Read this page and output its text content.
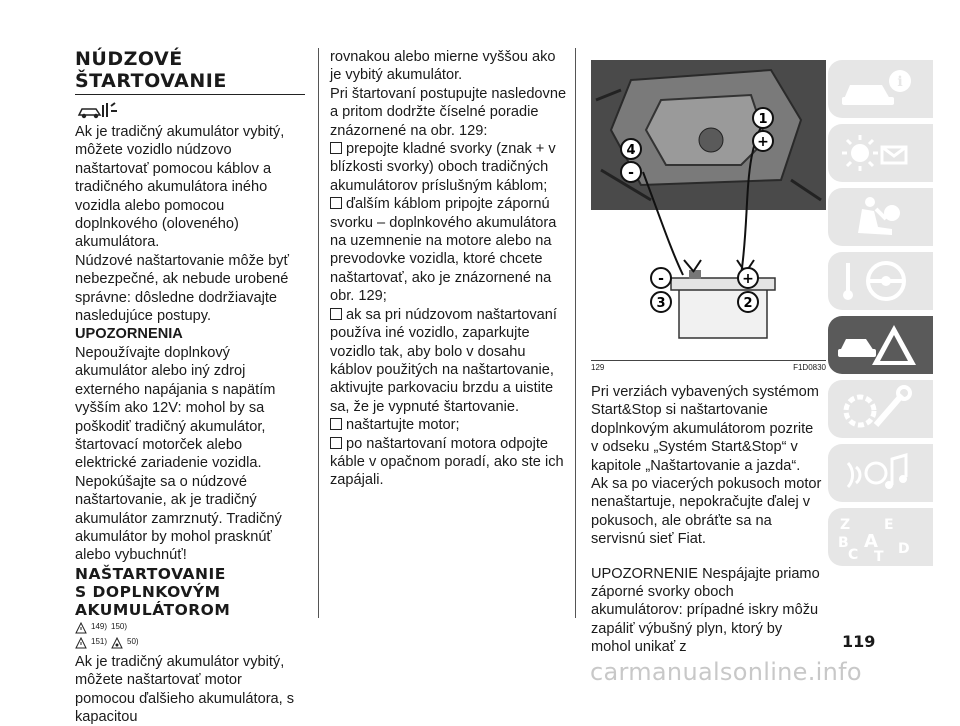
NÚDZOVÉ

ŠTARTOVANIE

Ak je tradičný akumulátor vybitý, môžete vozidlo núdzovo naštartovať pomocou káblov a tradičného akumulátora iného vozidla alebo pomocou doplnkového (oloveného) akumulátora.

Núdzové naštartovanie môže byť nebezpečné, ak nebude urobené správne: dôsledne dodržiavajte nasledujúce postupy.

UPOZORNENIA

Nepoužívajte doplnkový akumulátor alebo iný zdroj externého napájania s napätím vyšším ako 12V: mohol by sa poškodiť tradičný akumulátor, štartovací motorček alebo elektrické zariadenie vozidla. Nepokúšajte sa o núdzové naštartovanie, ak je tradičný akumulátor zamrznutý. Tradičný akumulátor by mohol prasknúť alebo vybuchnúť!

NAŠTARTOVANIE

S DOPLNKOVÝM

AKUMULÁTOROM

149) 150)
151)	50)

Ak je tradičný akumulátor vybitý, môžete naštartovať motor pomocou ďalšieho akumulátora, s kapacitou

rovnakou alebo mierne vyššou ako je vybitý akumulátor.

Pri štartovaní postupujte nasledovne a pritom dodržte číselné poradie znázornené na obr. 129:

prepojte kladné svorky (znak + v blízkosti svorky) oboch tradičných akumulátorov príslušným káblom;

ďalším káblom pripojte zápornú svorku – doplnkového akumulátora na uzemnenie na motore alebo na prevodovke vozidla, ktoré chcete naštartovať, ako je znázornené na obr. 129;

ak sa pri núdzovom naštartovaní používa iné vozidlo, zaparkujte vozidlo tak, aby bolo v dosahu káblov použitých na naštartovanie, aktivujte parkovaciu brzdu a uistite sa, že je vypnuté štartovanie.

naštartujte motor;

po naštartovaní motora odpojte káble v opačnom poradí, ako ste ich zapájali.

1
+
4
-
-	+
3	2
129	F1D0830

Pri verziách vybavených systémom Start&Stop si naštartovanie doplnkovým akumulátorom pozrite v odseku „Systém Start&Stop“ v kapitole „Naštartovanie a jazda“.

Ak sa po viacerých pokusoch motor nenaštartuje, nepokračujte ďalej v pokusoch, ale obráťte sa na servisnú sieť Fiat.

UPOZORNENIE Nespájajte priamo záporné svorky oboch akumulátorov: prípadné iskry môžu zapáliť výbušný plyn, ktorý by mohol unikať z

i
Z E
B A
C	D
T
119
carmanualsonline.info
